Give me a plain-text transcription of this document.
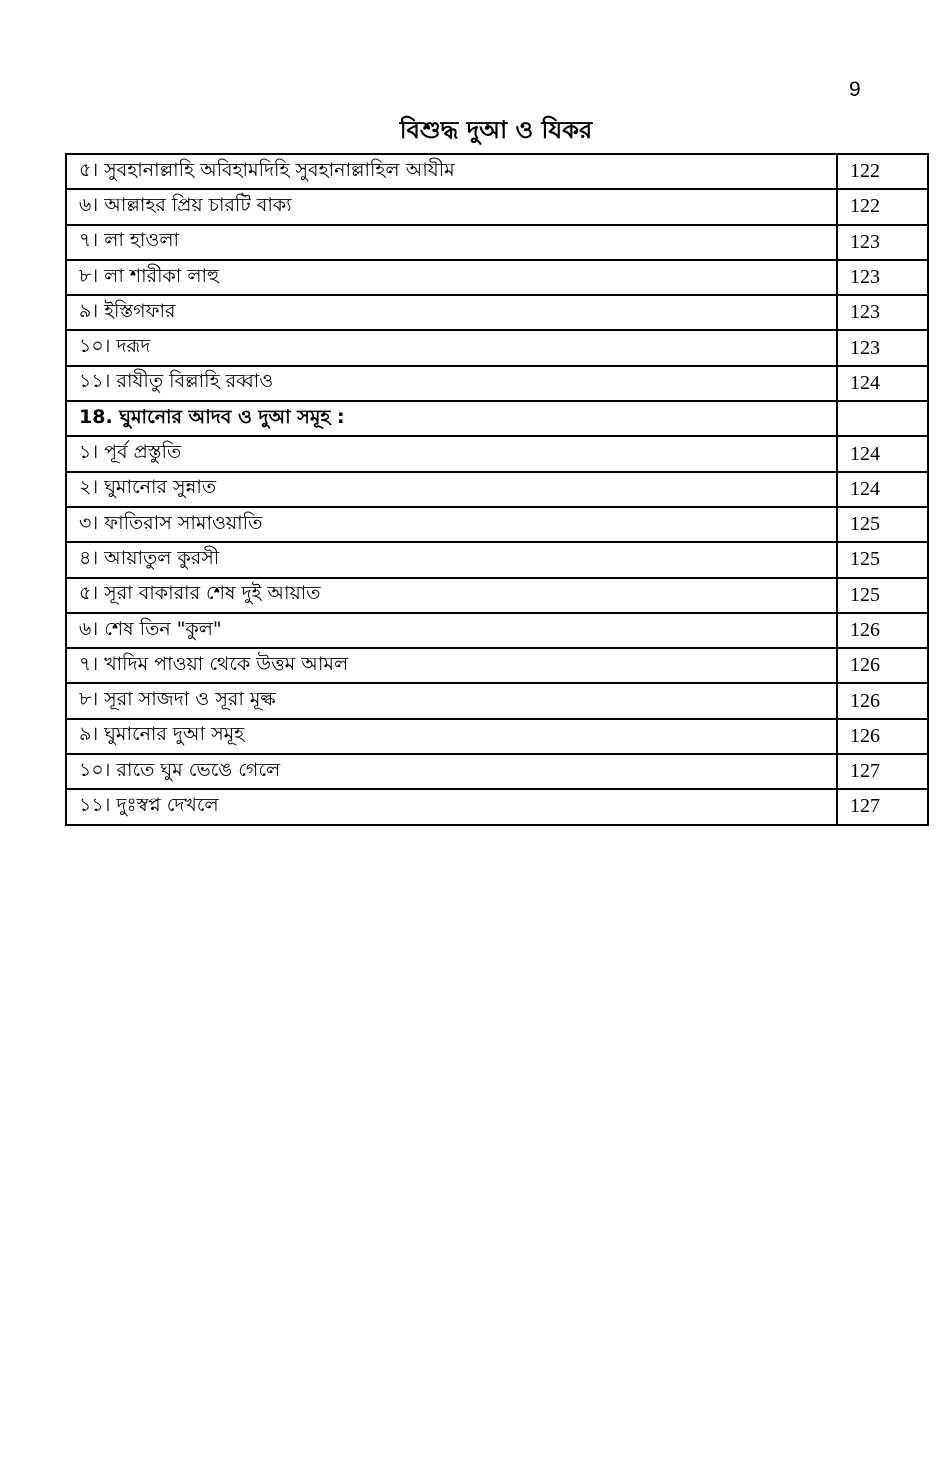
9
বিশুদ্ধ দুআ ও যিকর
৫। সুবহানাল্লাহি অবিহামদিহি সুবহানাল্লাহিল আযীম	122
৬। আল্লাহর প্রিয় চারটি বাক্য	122
৭। লা হাওলা	123
৮। লা শারীকা লাহু	123
৯। ইস্তিগফার	123
১০। দরূদ	123
১১। রাযীতু বিল্লাহি রব্বাও	124
18. ঘুমানোর আদব ও দুআ সমূহ :	
১। পূর্ব প্রস্তুতি	124
২। ঘুমানোর সুন্নাত	124
৩। ফাতিরাস সামাওয়াতি	125
৪। আয়াতুল কুরসী	125
৫। সূরা বাকারার শেষ দুই আয়াত	125
৬। শেষ তিন "কুল"	126
৭। খাদিম পাওয়া থেকে উত্তম আমল	126
৮। সূরা সাজদা ও সূরা মূল্ক	126
৯। ঘুমানোর দুআ সমূহ	126
১০। রাতে ঘুম ভেঙে গেলে	127
১১। দুঃস্বপ্ন দেখলে	127
